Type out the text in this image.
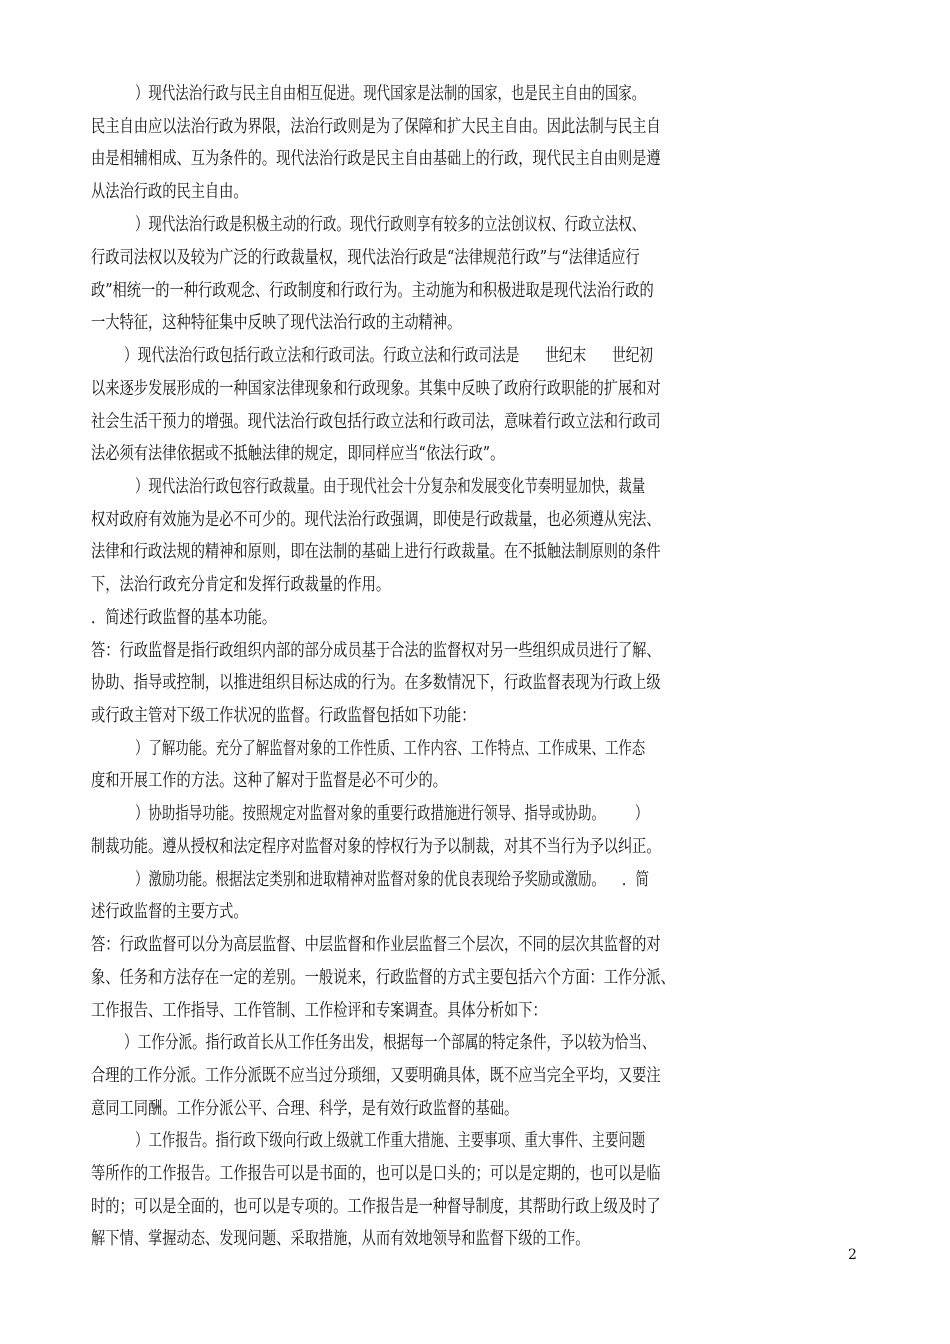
）现代法治行政与民主自由相互促进。现代国家是法制的国家，也是民主自由的国家。
民主自由应以法治行政为界限，法治行政则是为了保障和扩大民主自由。因此法制与民主自
由是相辅相成、互为条件的。现代法治行政是民主自由基础上的行政，现代民主自由则是遵
从法治行政的民主自由。
）现代法治行政是积极主动的行政。现代行政则享有较多的立法创议权、行政立法权、
行政司法权以及较为广泛的行政裁量权，现代法治行政是“法律规范行政”与“法律适应行
政”相统一的一种行政观念、行政制度和行政行为。主动施为和积极进取是现代法治行政的
一大特征，这种特征集中反映了现代法治行政的主动精神。
）现代法治行政包括行政立法和行政司法。行政立法和行政司法是      世纪末      世纪初
以来逐步发展形成的一种国家法律现象和行政现象。其集中反映了政府行政职能的扩展和对
社会生活干预力的增强。现代法治行政包括行政立法和行政司法，意味着行政立法和行政司
法必须有法律依据或不抵触法律的规定，即同样应当“依法行政”。
）现代法治行政包容行政裁量。由于现代社会十分复杂和发展变化节奏明显加快，裁量
权对政府有效施为是必不可少的。现代法治行政强调，即使是行政裁量，也必须遵从宪法、
法律和行政法规的精神和原则，即在法制的基础上进行行政裁量。在不抵触法制原则的条件
下，法治行政充分肯定和发挥行政裁量的作用。
．简述行政监督的基本功能。
答：行政监督是指行政组织内部的部分成员基于合法的监督权对另一些组织成员进行了解、
协助、指导或控制，以推进组织目标达成的行为。在多数情况下，行政监督表现为行政上级
或行政主管对下级工作状况的监督。行政监督包括如下功能：
）了解功能。充分了解监督对象的工作性质、工作内容、工作特点、工作成果、工作态
度和开展工作的方法。这种了解对于监督是必不可少的。
）协助指导功能。按照规定对监督对象的重要行政措施进行领导、指导或协助。       ）
制裁功能。遵从授权和法定程序对监督对象的悖权行为予以制裁，对其不当行为予以纠正。
）激励功能。根据法定类别和进取精神对监督对象的优良表现给予奖励或激励。    ．简
述行政监督的主要方式。
答：行政监督可以分为高层监督、中层监督和作业层监督三个层次，不同的层次其监督的对
象、任务和方法存在一定的差别。一般说来，行政监督的方式主要包括六个方面：工作分派、
工作报告、工作指导、工作管制、工作检评和专案调查。具体分析如下：
）工作分派。指行政首长从工作任务出发，根据每一个部属的特定条件，予以较为恰当、
合理的工作分派。工作分派既不应当过分琐细，又要明确具体，既不应当完全平均，又要注
意同工同酬。工作分派公平、合理、科学，是有效行政监督的基础。
）工作报告。指行政下级向行政上级就工作重大措施、主要事项、重大事件、主要问题
等所作的工作报告。工作报告可以是书面的，也可以是口头的；可以是定期的，也可以是临
时的；可以是全面的，也可以是专项的。工作报告是一种督导制度，其帮助行政上级及时了
解下情、掌握动态、发现问题、采取措施，从而有效地领导和监督下级的工作。
2
